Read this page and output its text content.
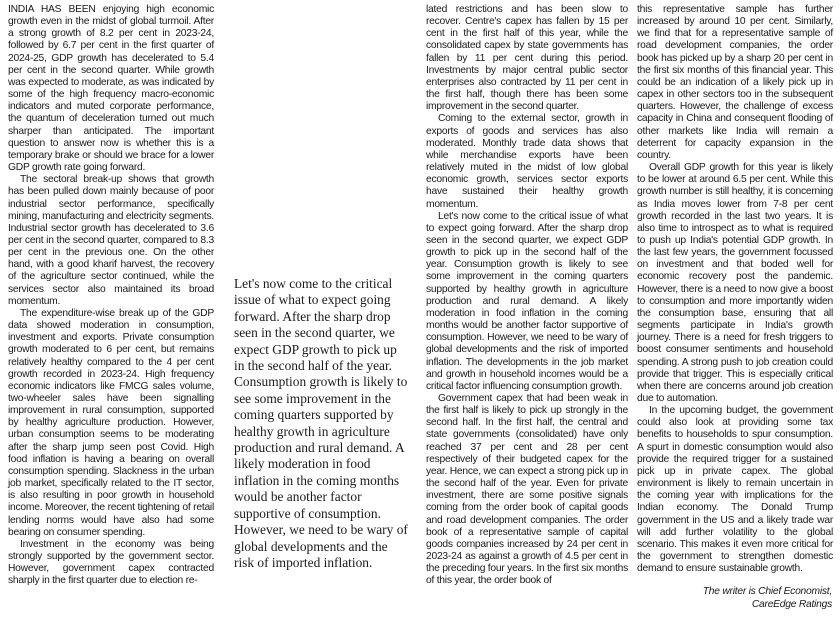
INDIA HAS BEEN enjoying high economic growth even in the midst of global turmoil. After a strong growth of 8.2 per cent in 2023-24, followed by 6.7 per cent in the first quarter of 2024-25, GDP growth has decelerated to 5.4 per cent in the second quarter. While growth was expected to moderate, as was indicated by some of the high frequency macro-economic indicators and muted corporate performance, the quantum of deceleration turned out much sharper than anticipated. The important question to answer now is whether this is a temporary brake or should we brace for a lower GDP growth rate going forward.

The sectoral break-up shows that growth has been pulled down mainly because of poor industrial sector performance, specifically mining, manufacturing and electricity segments. Industrial sector growth has decelerated to 3.6 per cent in the second quarter, compared to 8.3 per cent in the previous one. On the other hand, with a good kharif harvest, the recovery of the agriculture sector continued, while the services sector also maintained its broad momentum.

The expenditure-wise break up of the GDP data showed moderation in consumption, investment and exports. Private consumption growth moderated to 6 per cent, but remains relatively healthy compared to the 4 per cent growth recorded in 2023-24. High frequency economic indicators like FMCG sales volume, two-wheeler sales have been signalling improvement in rural consumption, supported by healthy agriculture production. However, urban consumption seems to be moderating after the sharp jump seen post Covid. High food inflation is having a bearing on overall consumption spending. Slackness in the urban job market, specifically related to the IT sector, is also resulting in poor growth in household income. Moreover, the recent tightening of retail lending norms would have also had some bearing on consumer spending.

Investment in the economy was being strongly supported by the government sector. However, government capex contracted sharply in the first quarter due to election re-

Let's now come to the critical issue of what to expect going forward. After the sharp drop seen in the second quarter, we expect GDP growth to pick up in the second half of the year. Consumption growth is likely to see some improvement in the coming quarters supported by healthy growth in agriculture production and rural demand. A likely moderation in food inflation in the coming months would be another factor supportive of consumption. However, we need to be wary of global developments and the risk of imported inflation.

lated restrictions and has been slow to recover. Centre's capex has fallen by 15 per cent in the first half of this year, while the consolidated capex by state governments has fallen by 11 per cent during this period. Investments by major central public sector enterprises also contracted by 11 per cent in the first half, though there has been some improvement in the second quarter.

Coming to the external sector, growth in exports of goods and services has also moderated. Monthly trade data shows that while merchandise exports have been relatively muted in the midst of low global economic growth, services sector exports have sustained their healthy growth momentum.

Let's now come to the critical issue of what to expect going forward. After the sharp drop seen in the second quarter, we expect GDP growth to pick up in the second half of the year. Consumption growth is likely to see some improvement in the coming quarters supported by healthy growth in agriculture production and rural demand. A likely moderation in food inflation in the coming months would be another factor supportive of consumption. However, we need to be wary of global developments and the risk of imported inflation. The developments in the job market and growth in household incomes would be a critical factor influencing consumption growth.

Government capex that had been weak in the first half is likely to pick up strongly in the second half. In the first half, the central and state governments (consolidated) have only reached 37 per cent and 28 per cent respectively of their budgeted capex for the year. Hence, we can expect a strong pick up in the second half of the year. Even for private investment, there are some positive signals coming from the order book of capital goods and road development companies. The order book of a representative sample of capital goods companies increased by 24 per cent in 2023-24 as against a growth of 4.5 per cent in the preceding four years. In the first six months of this year, the order book of

this representative sample has further increased by around 10 per cent. Similarly, we find that for a representative sample of road development companies, the order book has picked up by a sharp 20 per cent in the first six months of this financial year. This could be an indication of a likely pick up in capex in other sectors too in the subsequent quarters. However, the challenge of excess capacity in China and consequent flooding of other markets like India will remain a deterrent for capacity expansion in the country.

Overall GDP growth for this year is likely to be lower at around 6.5 per cent. While this growth number is still healthy, it is concerning as India moves lower from 7-8 per cent growth recorded in the last two years. It is also time to introspect as to what is required to push up India's potential GDP growth. In the last few years, the government focussed on investment and that boded well for economic recovery post the pandemic. However, there is a need to now give a boost to consumption and more importantly widen the consumption base, ensuring that all segments participate in India's growth journey. There is a need for fresh triggers to boost consumer sentiments and household spending. A strong push to job creation could provide that trigger. This is especially critical when there are concerns around job creation due to automation.

In the upcoming budget, the government could also look at providing some tax benefits to households to spur consumption. A spurt in domestic consumption would also provide the required trigger for a sustained pick up in private capex. The global environment is likely to remain uncertain in the coming year with implications for the Indian economy. The Donald Trump government in the US and a likely trade war will add further volatility to the global scenario. This makes it even more critical for the government to strengthen domestic demand to ensure sustainable growth.

The writer is Chief Economist,
CareEdge Ratings
